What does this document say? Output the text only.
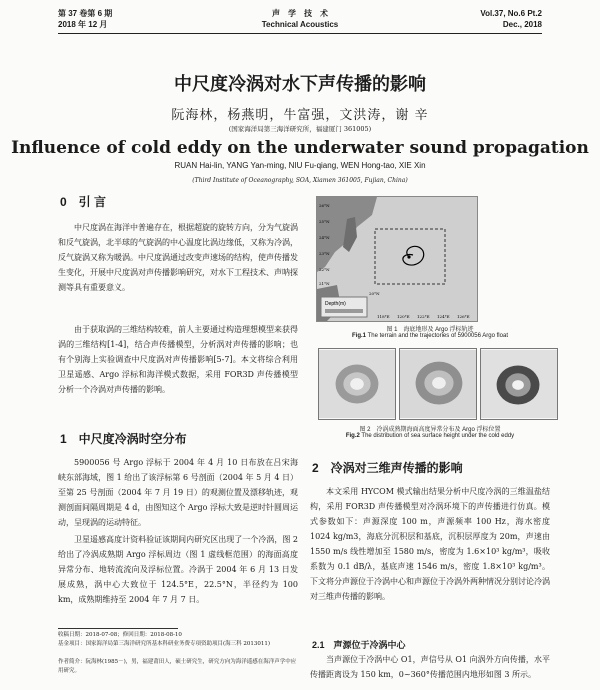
第 37 卷第 6 期
2018 年 12 月
声　学　技　术
Technical Acoustics
Vol.37, No.6 Pt.2
Dec., 2018
中尺度冷涡对水下声传播的影响
阮海林，杨燕明，牛富强，文洪涛，谢 辛
(国家海洋局第三海洋研究所，福建厦门 361005)
Influence of cold eddy on the underwater sound propagation
RUAN Hai-lin, YANG Yan-ming, NIU Fu-qiang, WEN Hong-tao, XIE Xin
(Third Institute of Oceanography, SOA, Xiamen 361005, Fujian, China)
0　引 言
中尺度涡在海洋中普遍存在，根据超旋的旋转方向，分为气旋涡和反气旋涡，北半球的气旋涡的中心温度比涡边缘低，又称为冷涡，反气旋涡又称为暖涡。中尺度涡通过改变声速场的结构，使声传播发生变化，开展中尺度涡对声传播影响研究，对水下工程技术、声呐探测等具有重要意义。
由于获取涡的三维结构较难，前人主要通过构造理想模型来获得涡的三维结构[1-4]，结合声传播模型，分析涡对声传播的影响；也有个别海上实验调查中尺度涡对声传播影响[5-7]。本文将综合利用卫星遥感、Argo 浮标和海洋模式数据，采用 FOR3D 声传播模型分析一个冷涡对声传播的影响。
1　中尺度冷涡时空分布
5900056 号 Argo 浮标于 2004 年 4 月 10 日布放在吕宋海峡东部海域，图 1 给出了该浮标第 6 号剖面（2004 年 5 月 4 日）至第 25 号剖面（2004 年 7 月 19 日）的观测位置及漂移轨迹，观测剖面间隔周期是 4 d，由图知这个 Argo 浮标大致是逆时针圆周运动，呈现涡的运动特征。
卫星遥感高度计资料验证该期间内研究区出现了一个冷涡，图 2 给出了冷涡成熟期 Argo 浮标周边（图 1 虚线框范围）的海面高度异常分布、地转流流向及浮标位置。冷涡于 2004 年 6 月 13 日发展成熟，涡中心大致位于 124.5°E，22.5°N，半径约为 100 km，成熟期维持至 2004 年 7 月 7 日。
收稿日期：2018-07-08；修回日期：2018-08-10
基金项目：国家海洋局第三海洋研究所基本科研业务费专项资助项目(海三科 2013011)
作者简介：阮海林(1985－)，男，福建莆田人，硕士研究生，研究方向为海洋遥感在海洋声学中应用研究。
Depth(m)
26°N
25°N
24°N
23°N
22°N
21°N
20°N
118°E 120°E 122°E 124°E 126°E
图 1　海底地形及 Argo 浮标轨迹
Fig.1 The terrain and the trajectories of 5900056 Argo float
图 2　冷涡成熟期海面高度异常分布及 Argo 浮标位置
Fig.2 The distribution of sea surface height under the cold eddy
2　冷涡对三维声传播的影响
本文采用 HYCOM 模式输出结果分析中尺度冷涡的三维温盐结构，采用 FOR3D 声传播模型对冷涡环境下的声传播进行仿真。模式参数如下：声源深度 100 m，声源频率 100 Hz，海水密度 1024 kg/m3，海底分沉积层和基底，沉积层厚度为 20m，声速由 1550 m/s 线性增加至 1580 m/s，密度为 1.6×10³ kg/m³，吸收系数为 0.1 dB/λ，基底声速 1546 m/s，密度 1.8×10³ kg/m³。下文将分声源位于冷涡中心和声源位于冷涡外两种情况分别讨论冷涡对三维声传播的影响。
2.1　声源位于冷涡中心
当声源位于冷涡中心 O1，声信号从 O1 向涡外方向传播，水平传播距离设为 150 km，0~360°传播范围内地形如图 3 所示。
